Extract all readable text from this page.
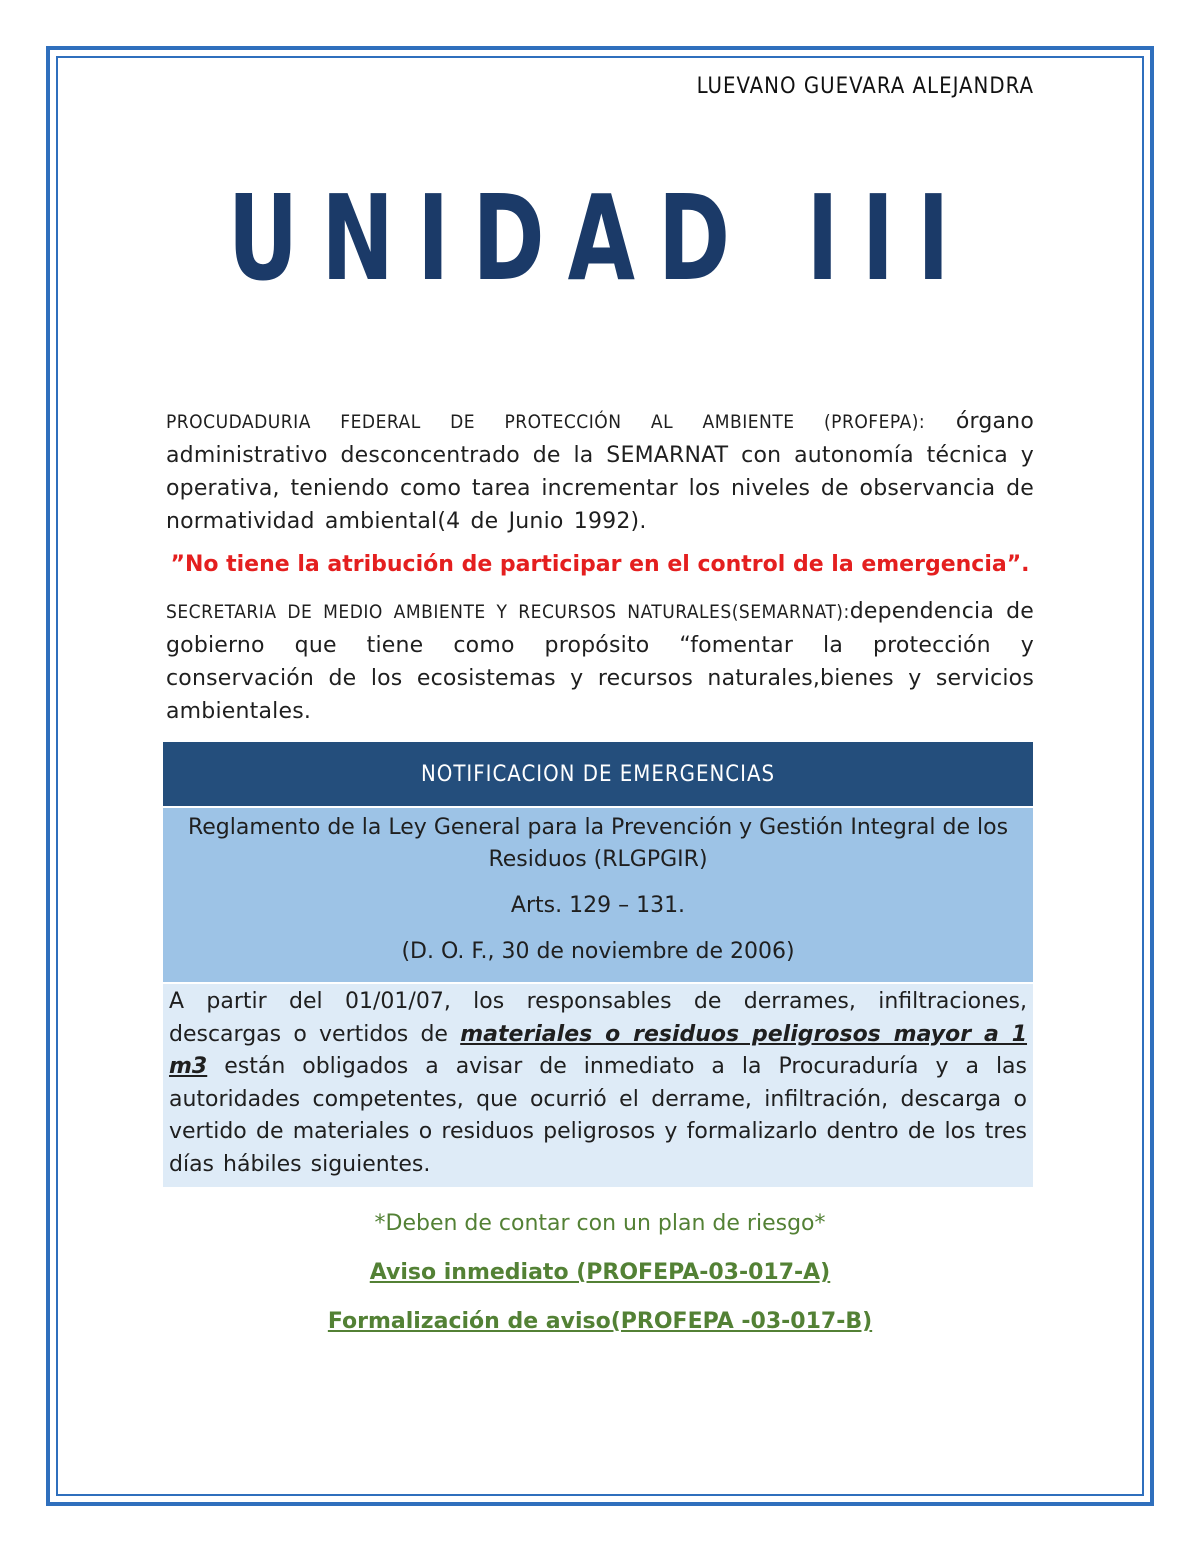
LUEVANO GUEVARA ALEJANDRA
UNIDAD III

PROCUDADURIA FEDERAL DE PROTECCIÓN AL AMBIENTE (PROFEPA): órgano administrativo desconcentrado de la SEMARNAT con autonomía técnica y operativa, teniendo como tarea incrementar los niveles de observancia de normatividad ambiental(4 de Junio 1992).

”No tiene la atribución de participar en el control de la emergencia”.

SECRETARIA DE MEDIO AMBIENTE Y RECURSOS NATURALES(SEMARNAT):dependencia de gobierno que tiene como propósito “fomentar la protección y conservación de los ecosistemas y recursos naturales,bienes y servicios ambientales.

NOTIFICACION DE EMERGENCIAS
Reglamento de la Ley General para la Prevención y Gestión Integral de los Residuos (RLGPGIR)
Arts. 129 – 131.
(D. O. F., 30 de noviembre de 2006)
A partir del 01/01/07, los responsables de derrames, infiltraciones, descargas o vertidos de materiales o residuos peligrosos mayor a 1 m3 están obligados a avisar de inmediato a la Procuraduría y a las autoridades competentes, que ocurrió el derrame, infiltración, descarga o vertido de materiales o residuos peligrosos y formalizarlo dentro de los tres días hábiles siguientes.

*Deben de contar con un plan de riesgo*

Aviso inmediato (PROFEPA-03-017-A)

Formalización de aviso(PROFEPA -03-017-B)
